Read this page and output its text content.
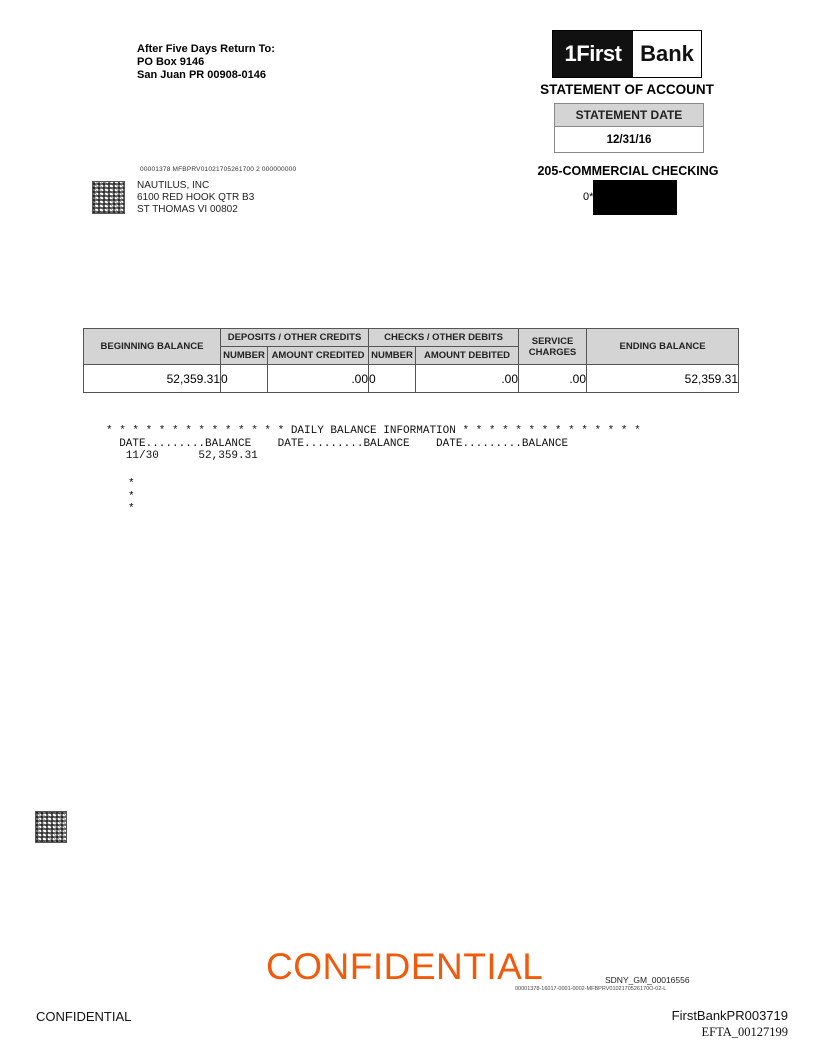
After Five Days Return To:
PO Box 9146
San Juan PR 00908-0146
1First Bank
STATEMENT OF ACCOUNT
STATEMENT DATE
12/31/16
205-COMMERCIAL CHECKING
0*
00001378 MFBPRV01021705261700 2 000000000
NAUTILUS, INC
6100 RED HOOK QTR B3
ST THOMAS VI 00802
BEGINNING BALANCE	DEPOSITS / OTHER CREDITS		CHECKS / OTHER DEBITS		SERVICE CHARGES	ENDING BALANCE
	NUMBER	AMOUNT CREDITED	NUMBER	AMOUNT DEBITED		
52,359.31	0	.00	0	.00	.00	52,359.31
* * * * * * * * * * * * * * DAILY BALANCE INFORMATION * * * * * * * * * * * * * *
DATE.........BALANCE    DATE.........BALANCE    DATE.........BALANCE
11/30      52,359.31
*
*
*
CONFIDENTIAL	SDNY_GM_00016556
00001378-16017-0001-0002-MFBPRV0102170526170O-02-L
CONFIDENTIAL	FirstBankPR003719
EFTA_00127199
